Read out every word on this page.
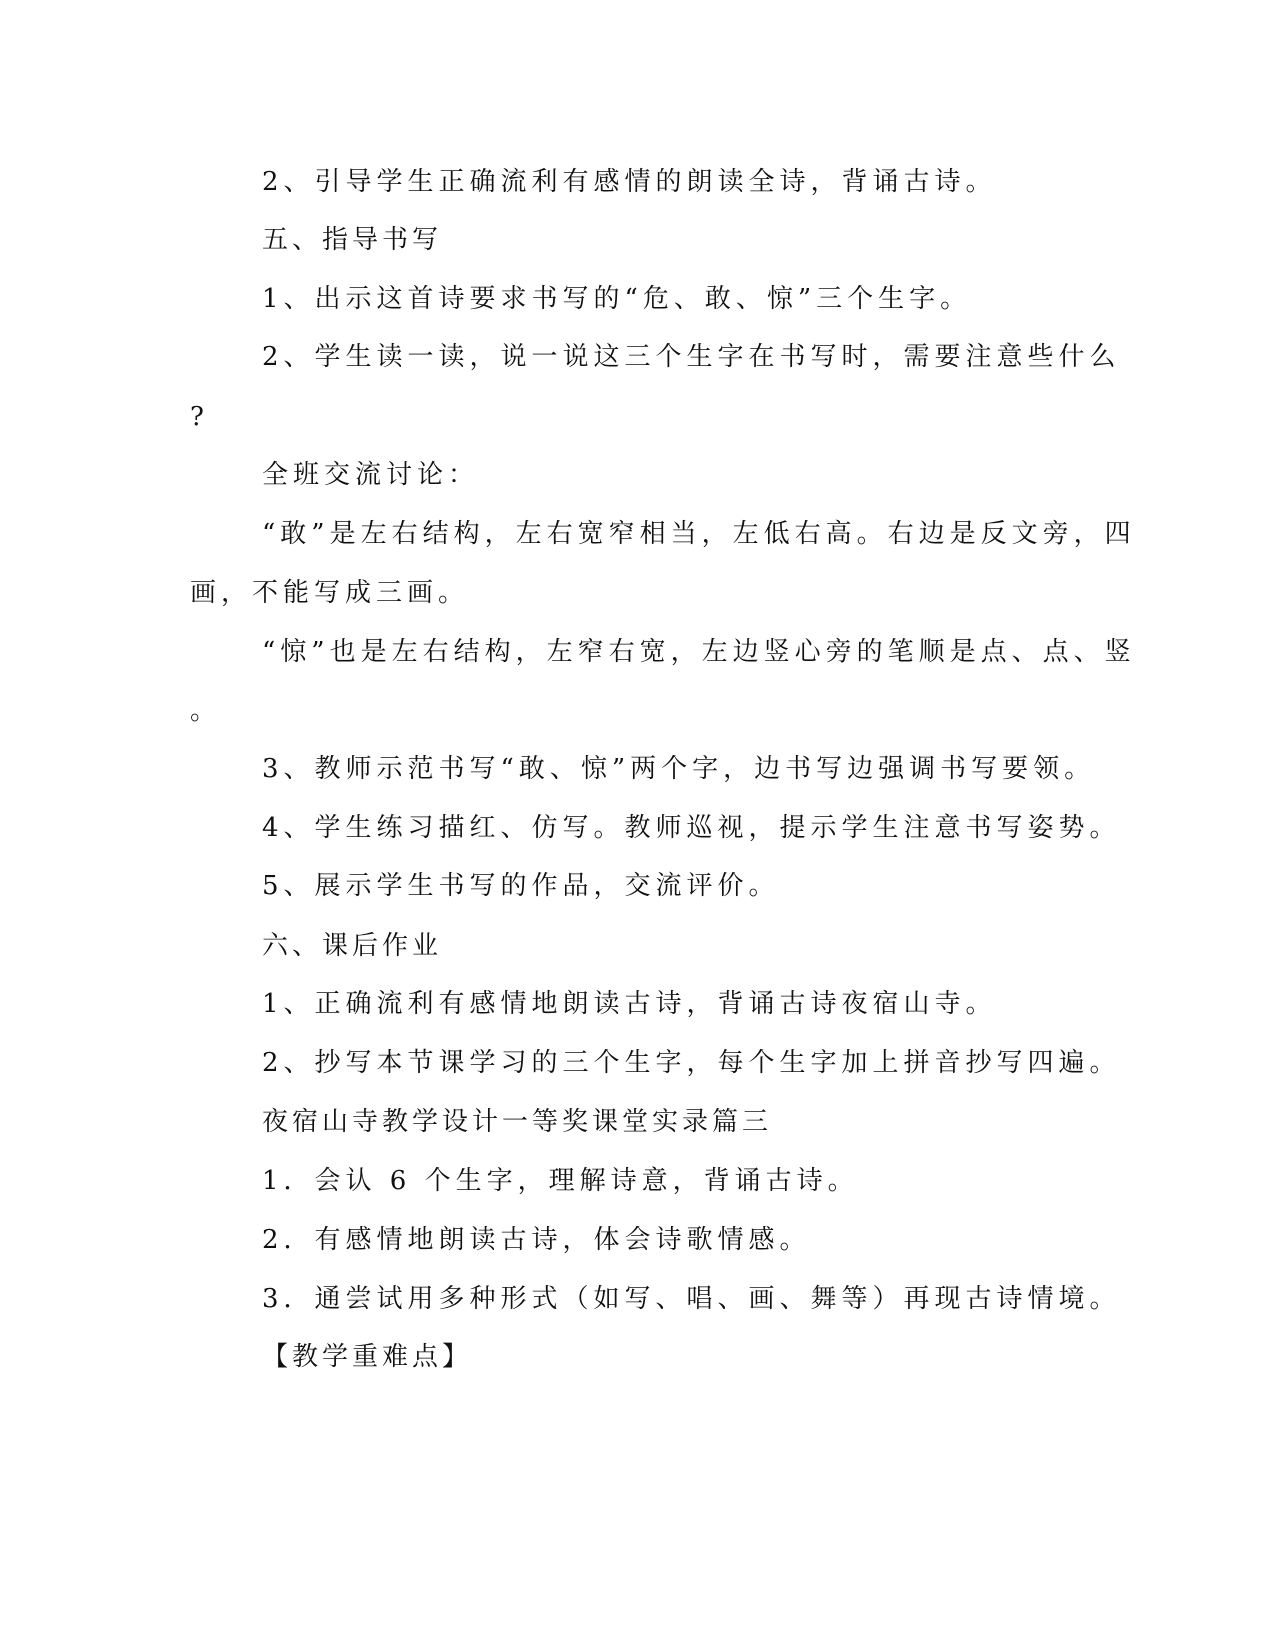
2、引导学生正确流利有感情的朗读全诗，背诵古诗。
五、指导书写
1、出示这首诗要求书写的“危、敢、惊”三个生字。
2、学生读一读，说一说这三个生字在书写时，需要注意些什么
?
全班交流讨论：
“敢”是左右结构，左右宽窄相当，左低右高。右边是反文旁，四
画，不能写成三画。
“惊”也是左右结构，左窄右宽，左边竖心旁的笔顺是点、点、竖
。
3、教师示范书写“敢、惊”两个字，边书写边强调书写要领。
4、学生练习描红、仿写。教师巡视，提示学生注意书写姿势。
5、展示学生书写的作品，交流评价。
六、课后作业
1、正确流利有感情地朗读古诗，背诵古诗夜宿山寺。
2、抄写本节课学习的三个生字，每个生字加上拼音抄写四遍。
夜宿山寺教学设计一等奖课堂实录篇三
1．会认 6 个生字，理解诗意，背诵古诗。
2．有感情地朗读古诗，体会诗歌情感。
3．通尝试用多种形式（如写、唱、画、舞等）再现古诗情境。
【教学重难点】
